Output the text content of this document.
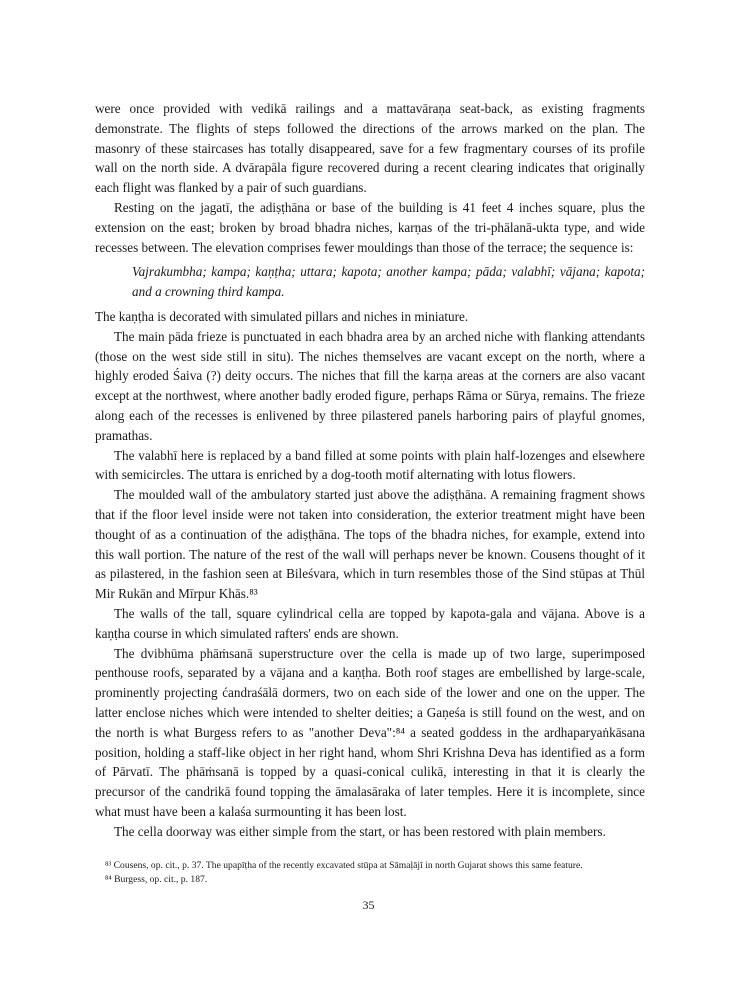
were once provided with vedikā railings and a mattavāraṇa seat-back, as existing fragments demonstrate. The flights of steps followed the directions of the arrows marked on the plan. The masonry of these staircases has totally disappeared, save for a few fragmentary courses of its profile wall on the north side. A dvārapāla figure recovered during a recent clearing indicates that originally each flight was flanked by a pair of such guardians.

Resting on the jagatī, the adiṣṭhāna or base of the building is 41 feet 4 inches square, plus the extension on the east; broken by broad bhadra niches, karṇas of the tri-phālanā-ukta type, and wide recesses between. The elevation comprises fewer mouldings than those of the terrace; the sequence is:

Vajrakumbha; kampa; kaṇṭha; uttara; kapota; another kampa; pāda; valabhī; vājana; kapota; and a crowning third kampa.

The kaṇṭha is decorated with simulated pillars and niches in miniature.

The main pāda frieze is punctuated in each bhadra area by an arched niche with flanking attendants (those on the west side still in situ). The niches themselves are vacant except on the north, where a highly eroded Śaiva (?) deity occurs. The niches that fill the karṇa areas at the corners are also vacant except at the northwest, where another badly eroded figure, perhaps Rāma or Sūrya, remains. The frieze along each of the recesses is enlivened by three pilastered panels harboring pairs of playful gnomes, pramathas.

The valabhī here is replaced by a band filled at some points with plain half-lozenges and elsewhere with semicircles. The uttara is enriched by a dog-tooth motif alternating with lotus flowers.

The moulded wall of the ambulatory started just above the adiṣṭhāna. A remaining fragment shows that if the floor level inside were not taken into consideration, the exterior treatment might have been thought of as a continuation of the adiṣṭhāna. The tops of the bhadra niches, for example, extend into this wall portion. The nature of the rest of the wall will perhaps never be known. Cousens thought of it as pilastered, in the fashion seen at Bileśvara, which in turn resembles those of the Sind stūpas at Thūl Mir Rukān and Mīrpur Khās.⁸³

The walls of the tall, square cylindrical cella are topped by kapota-gala and vājana. Above is a kaṇṭha course in which simulated rafters' ends are shown.

The dvibhūma phāṁsanā superstructure over the cella is made up of two large, superimposed penthouse roofs, separated by a vājana and a kaṇṭha. Both roof stages are embellished by large-scale, prominently projecting ćandraśālā dormers, two on each side of the lower and one on the upper. The latter enclose niches which were intended to shelter deities; a Gaṇeśa is still found on the west, and on the north is what Burgess refers to as "another Deva":⁸⁴ a seated goddess in the ardhaparyaṅkāsana position, holding a staff-like object in her right hand, whom Shri Krishna Deva has identified as a form of Pārvatī. The phāṁsanā is topped by a quasi-conical culikā, interesting in that it is clearly the precursor of the candrikā found topping the āmalasāraka of later temples. Here it is incomplete, since what must have been a kalaśa surmounting it has been lost.

The cella doorway was either simple from the start, or has been restored with plain members.

⁸³ Cousens, op. cit., p. 37. The upapīṭha of the recently excavated stūpa at Sāmaḷājī in north Gujarat shows this same feature.

⁸⁴ Burgess, op. cit., p. 187.

35
